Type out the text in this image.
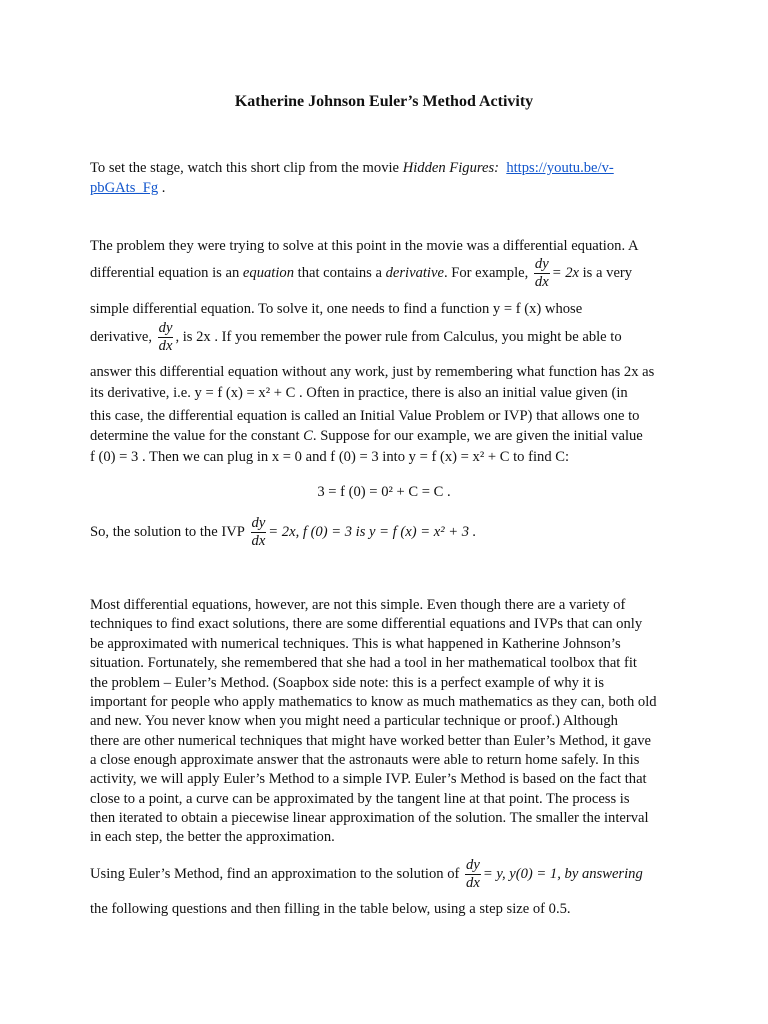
Katherine Johnson Euler’s Method Activity
To set the stage, watch this short clip from the movie Hidden Figures: https://youtu.be/v-
pbGAts_Fg .
The problem they were trying to solve at this point in the movie was a differential equation. A
differential equation is an equation that contains a derivative. For example, $\frac{dy}{dx} = 2x$ is a very
simple differential equation. To solve it, one needs to find a function y = f (x) whose
derivative, $\frac{dy}{dx}$ , is 2x . If you remember the power rule from Calculus, you might be able to
answer this differential equation without any work, just by remembering what function has 2x as
its derivative, i.e. y = f (x) = x² + C . Often in practice, there is also an initial value given (in
this case, the differential equation is called an Initial Value Problem or IVP) that allows one to
determine the value for the constant C. Suppose for our example, we are given the initial value
f (0) = 3 . Then we can plug in x = 0 and f (0) = 3 into y = f (x) = x² + C to find C:
3 = f (0) = 0² + C = C .
So, the solution to the IVP $\frac{dy}{dx} = 2x$, f (0) = 3 is y = f (x) = x² + 3 .
Most differential equations, however, are not this simple. Even though there are a variety of
techniques to find exact solutions, there are some differential equations and IVPs that can only
be approximated with numerical techniques. This is what happened in Katherine Johnson’s
situation. Fortunately, she remembered that she had a tool in her mathematical toolbox that fit
the problem – Euler’s Method. (Soapbox side note: this is a perfect example of why it is
important for people who apply mathematics to know as much mathematics as they can, both old
and new. You never know when you might need a particular technique or proof.) Although
there are other numerical techniques that might have worked better than Euler’s Method, it gave
a close enough approximate answer that the astronauts were able to return home safely. In this
activity, we will apply Euler’s Method to a simple IVP. Euler’s Method is based on the fact that
close to a point, a curve can be approximated by the tangent line at that point. The process is
then iterated to obtain a piecewise linear approximation of the solution. The smaller the interval
in each step, the better the approximation.
Using Euler’s Method, find an approximation to the solution of $\frac{dy}{dx} = y$, y(0) = 1, by answering
the following questions and then filling in the table below, using a step size of 0.5.
